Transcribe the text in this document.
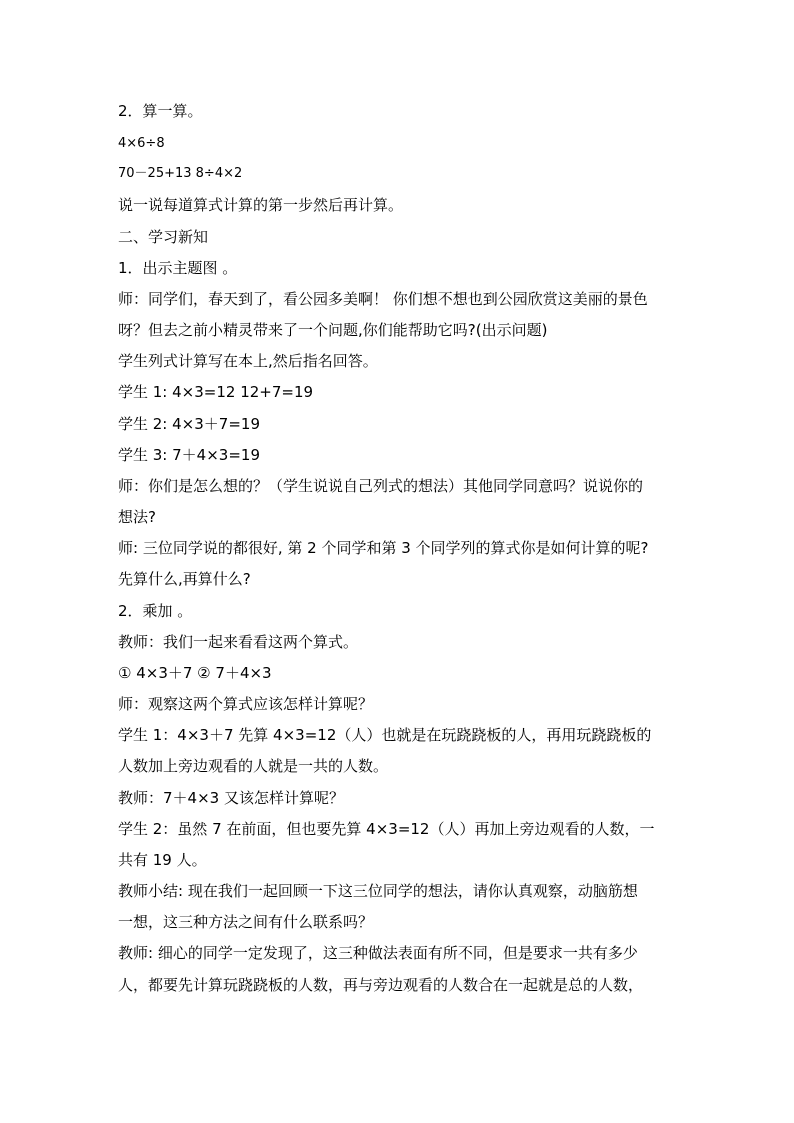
2．算一算。
4×6÷8
70－25+13 8÷4×2
说一说每道算式计算的第一步然后再计算。
二、学习新知
1．出示主题图 。
师：同学们，春天到了，看公园多美啊！ 你们想不想也到公园欣赏这美丽的景色
呀？但去之前小精灵带来了一个问题,你们能帮助它吗?(出示问题)
学生列式计算写在本上,然后指名回答。
学生 1: 4×3=12 12+7=19
学生 2: 4×3＋7=19
学生 3: 7＋4×3=19
师：你们是怎么想的？（学生说说自己列式的想法）其他同学同意吗？说说你的
想法?
师: 三位同学说的都很好, 第 2 个同学和第 3 个同学列的算式你是如何计算的呢?
先算什么,再算什么?
2．乘加 。
教师：我们一起来看看这两个算式。
① 4×3＋7 ② 7＋4×3
师：观察这两个算式应该怎样计算呢？
学生 1：4×3＋7 先算 4×3=12（人）也就是在玩跷跷板的人，再用玩跷跷板的
人数加上旁边观看的人就是一共的人数。
教师：7＋4×3 又该怎样计算呢？
学生 2：虽然 7 在前面，但也要先算 4×3=12（人）再加上旁边观看的人数，一
共有 19 人。
教师小结: 现在我们一起回顾一下这三位同学的想法，请你认真观察，动脑筋想
一想，这三种方法之间有什么联系吗？
教师: 细心的同学一定发现了，这三种做法表面有所不同，但是要求一共有多少
人，都要先计算玩跷跷板的人数，再与旁边观看的人数合在一起就是总的人数，
